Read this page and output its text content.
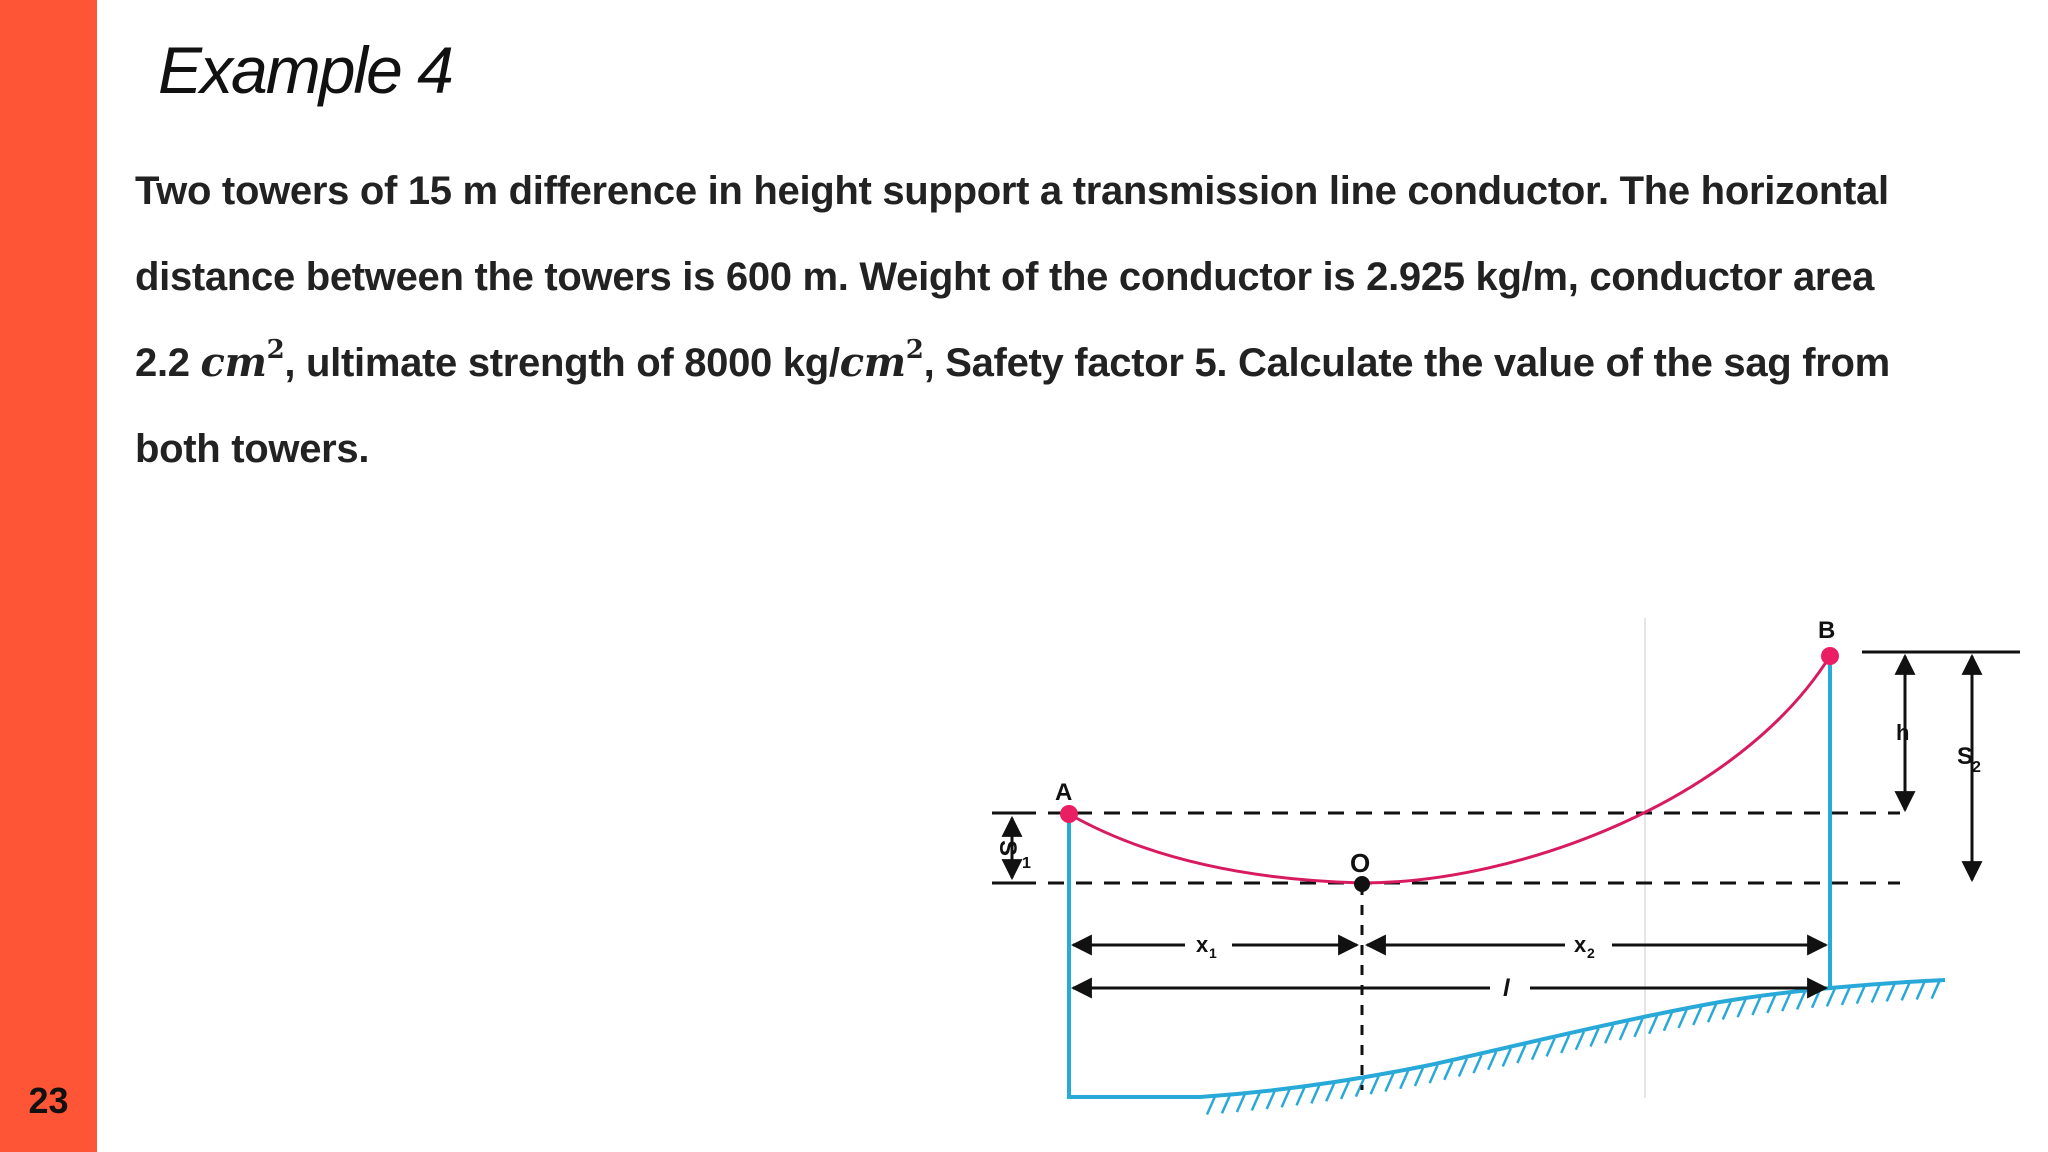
23
Example 4
Two towers of 15 m difference in height support a transmission line conductor. The horizontal
distance between the towers is 600 m. Weight of the conductor is 2.925 kg/m, conductor area
2.2 $cm^2$, ultimate strength of 8000 $kg/cm^2$, Safety factor 5. Calculate the value of the sag from
both towers.
A
B
O
S
1
h
S
2
x 1	x 2
l
